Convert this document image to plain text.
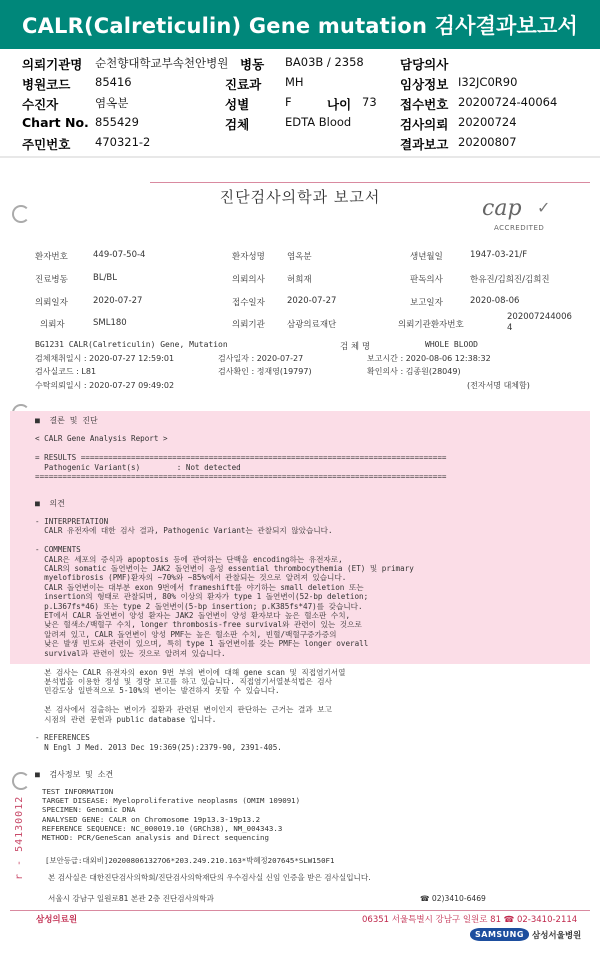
CALR(Calreticulin) Gene mutation 검사결과보고서
의뢰기관명 순천향대학교부속천안병원 병동 BA03B / 2358	담당의사
병원코드 85416	진료과 MH	임상정보 I32JC0R90
수진자	염옥분	성별	F	나이 73 접수번호 20200724-40064
Chart No. 855429	검체	EDTA Blood	검사의뢰 20200724
주민번호 470321-2	결과보고 20200807
진단검사의학과 보고서	cap ✓
ACCREDITED
환자번호	449-07-50-4	환자성명	염옥분	생년월일	1947-03-21/F
진료병동	BL/BL	의뢰의사	허희재	판독의사	한유진/김희진/김희진
의뢰일자	2020-07-27	접수일자	2020-07-27	보고일자	2020-08-06
의뢰자	SML180	의뢰기관	삼광의료재단	의뢰기관환자번호
202007244006
4
BG1231 CALR(Calreticulin) Gene, Mutation	검 체 명	WHOLE BLOOD
검체채취일시 : 2020-07-27 12:59:01	검사일자 : 2020-07-27	보고시간 : 2020-08-06 12:38:32
검사실코드 : L81	검사확인 : 정재영(19797)	확인의사 : 김종원(28049)
수탁의뢰일시 : 2020-07-27 09:49:02	(전자서명 대체함)
■  결론 및 진단
< CALR Gene Analysis Report >

= RESULTS ================================================================================
Pathogenic Variant(s)        : Not detected
==========================================================================================
■  의견
- INTERPRETATION
CALR 유전자에 대한 검사 결과, Pathogenic Variant는 관찰되지 않았습니다.

- COMMENTS
CALR은 세포의 증식과 apoptosis 등에 관여하는 단백을 encoding하는 유전자로,
CALR의 somatic 돌연변이는 JAK2 돌연변이 음성 essential thrombocythemia (ET) 및 primary
myelofibrosis (PMF)환자의 ~70%와 ~85%에서 관찰되는 것으로 알려져 있습니다.
CALR 돌연변이는 대부분 exon 9번에서 frameshift를 야기하는 small deletion 또는
insertion의 형태로 관찰되며, 80% 이상의 환자가 type 1 돌연변이(52-bp deletion;
p.L367fs*46) 또는 type 2 돌연변이(5-bp insertion; p.K385fs*47)를 갖습니다.
ET에서 CALR 돌연변이 양성 환자는 JAK2 돌연변이 양성 환자보다 높은 혈소판 수치,
낮은 혈색소/백혈구 수치, longer thrombosis-free survival와 관련이 있는 것으로
알려져 있고, CALR 돌연변이 양성 PMF는 높은 혈소판 수치, 빈혈/백혈구증가증의
낮은 발생 빈도와 관련이 있으며, 특히 type 1 돌연변이를 갖는 PMF는 longer overall
survival과 관련이 있는 것으로 알려져 있습니다.

본 검사는 CALR 유전자의 exon 9번 부위 변이에 대해 gene scan 및 직접염기서열
분석법을 이용한 정성 및 정량 보고를 하고 있습니다. 직접염기서열분석법은 검사
민감도상 일반적으로 5-10%의 변이는 발견하지 못할 수 있습니다.

본 검사에서 검출하는 변이가 질환과 관련된 변이인지 판단하는 근거는 결과 보고
시점의 관련 문헌과 public database 입니다.

- REFERENCES
N Engl J Med. 2013 Dec 19:369(25):2379-90, 2391-405.
■  검사정보 및 소견
TEST INFORMATION
TARGET DISEASE: Myeloproliferative neoplasms (OMIM 109091)
SPECIMEN: Genomic DNA
ANALYSED GENE: CALR on Chromosome 19p13.3-19p13.2
REFERENCE SEQUENCE: NC_000019.10 (GRCh38), NM_004343.3
METHOD: PCR/GeneScan analysis and Direct sequencing
r - 54130012	[보안등급:대외비]202008061327O6*203.249.210.163*박혜정207645*SLW150F1
본 검사실은 대한진단검사의학회/진단검사의학재단의 우수검사실 신임 인증을 받은 검사실입니다.
서울시 강남구 일원로81 본관 2층 진단검사의학과	☎ 02)3410-6469
삼성의료원	06351 서울특별시 강남구 일원로 81 ☎ 02-3410-2114
SAMSUNG 삼성서울병원
